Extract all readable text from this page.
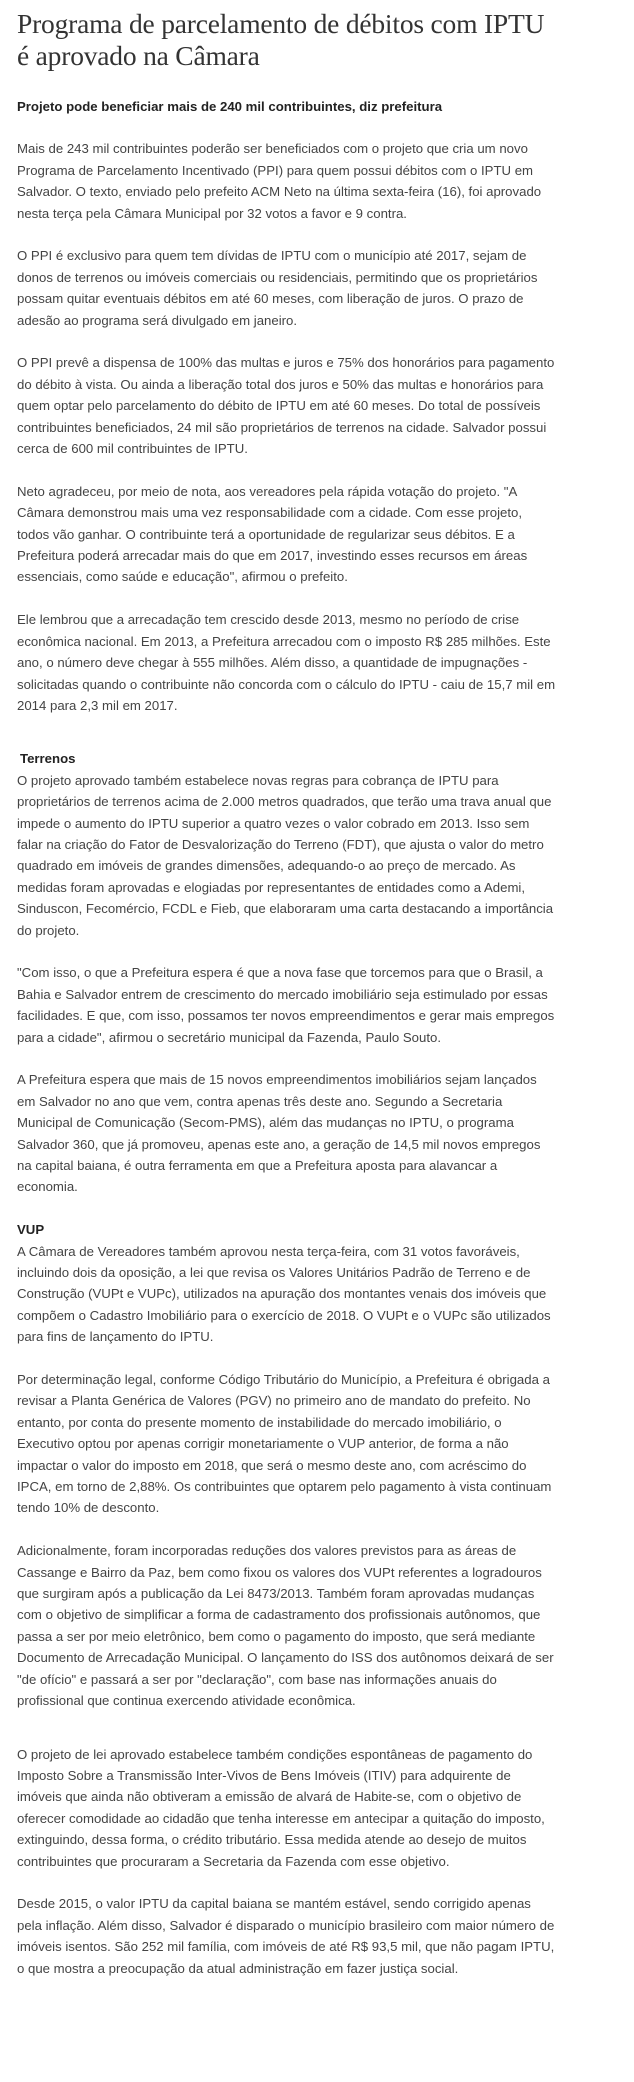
Programa de parcelamento de débitos com IPTU é aprovado na Câmara
Projeto pode beneficiar mais de 240 mil contribuintes, diz prefeitura

Mais de 243 mil contribuintes poderão ser beneficiados com o projeto que cria um novo Programa de Parcelamento Incentivado (PPI) para quem possui débitos com o IPTU em Salvador. O texto, enviado pelo prefeito ACM Neto na última sexta-feira (16), foi aprovado nesta terça pela Câmara Municipal por 32 votos a favor e 9 contra.

O PPI é exclusivo para quem tem dívidas de IPTU com o município até 2017, sejam de donos de terrenos ou imóveis comerciais ou residenciais, permitindo que os proprietários possam quitar eventuais débitos em até 60 meses, com liberação de juros. O prazo de adesão ao programa será divulgado em janeiro.

O PPI prevê a dispensa de 100% das multas e juros e 75% dos honorários para pagamento do débito à vista. Ou ainda a liberação total dos juros e 50% das multas e honorários para quem optar pelo parcelamento do débito de IPTU em até 60 meses. Do total de possíveis contribuintes beneficiados, 24 mil são proprietários de terrenos na cidade. Salvador possui cerca de 600 mil contribuintes de IPTU.

Neto agradeceu, por meio de nota, aos vereadores pela rápida votação do projeto. "A Câmara demonstrou mais uma vez responsabilidade com a cidade. Com esse projeto, todos vão ganhar. O contribuinte terá a oportunidade de regularizar seus débitos. E a Prefeitura poderá arrecadar mais do que em 2017, investindo esses recursos em áreas essenciais, como saúde e educação", afirmou o prefeito.

Ele lembrou que a arrecadação tem crescido desde 2013, mesmo no período de crise econômica nacional. Em 2013, a Prefeitura arrecadou com o imposto R$ 285 milhões. Este ano, o número deve chegar à 555 milhões. Além disso, a quantidade de impugnações - solicitadas quando o contribuinte não concorda com o cálculo do IPTU - caiu de 15,7 mil em 2014 para 2,3 mil em 2017.

Terrenos

O projeto aprovado também estabelece novas regras para cobrança de IPTU para proprietários de terrenos acima de 2.000 metros quadrados, que terão uma trava anual que impede o aumento do IPTU superior a quatro vezes o valor cobrado em 2013. Isso sem falar na criação do Fator de Desvalorização do Terreno (FDT), que ajusta o valor do metro quadrado em imóveis de grandes dimensões, adequando-o ao preço de mercado. As medidas foram aprovadas e elogiadas por representantes de entidades como a Ademi, Sinduscon, Fecomércio, FCDL e Fieb, que elaboraram uma carta destacando a importância do projeto.

"Com isso, o que a Prefeitura espera é que a nova fase que torcemos para que o Brasil, a Bahia e Salvador entrem de crescimento do mercado imobiliário seja estimulado por essas facilidades. E que, com isso, possamos ter novos empreendimentos e gerar mais empregos para a cidade", afirmou o secretário municipal da Fazenda, Paulo Souto.

A Prefeitura espera que mais de 15 novos empreendimentos imobiliários sejam lançados em Salvador no ano que vem, contra apenas três deste ano. Segundo a Secretaria Municipal de Comunicação (Secom-PMS), além das mudanças no IPTU, o programa Salvador 360, que já promoveu, apenas este ano, a geração de 14,5 mil novos empregos na capital baiana, é outra ferramenta em que a Prefeitura aposta para alavancar a economia.

VUP

A Câmara de Vereadores também aprovou nesta terça-feira, com 31 votos favoráveis, incluindo dois da oposição, a lei que revisa os Valores Unitários Padrão de Terreno e de Construção (VUPt e VUPc), utilizados na apuração dos montantes venais dos imóveis que compõem o Cadastro Imobiliário para o exercício de 2018. O VUPt e o VUPc são utilizados para fins de lançamento do IPTU.

Por determinação legal, conforme Código Tributário do Município, a Prefeitura é obrigada a revisar a Planta Genérica de Valores (PGV) no primeiro ano de mandato do prefeito. No entanto, por conta do presente momento de instabilidade do mercado imobiliário, o Executivo optou por apenas corrigir monetariamente o VUP anterior, de forma a não impactar o valor do imposto em 2018, que será o mesmo deste ano, com acréscimo do IPCA, em torno de 2,88%. Os contribuintes que optarem pelo pagamento à vista continuam tendo 10% de desconto.

Adicionalmente, foram incorporadas reduções dos valores previstos para as áreas de Cassange e Bairro da Paz, bem como fixou os valores dos VUPt referentes a logradouros que surgiram após a publicação da Lei 8473/2013. Também foram aprovadas mudanças com o objetivo de simplificar a forma de cadastramento dos profissionais autônomos, que passa a ser por meio eletrônico, bem como o pagamento do imposto, que será mediante Documento de Arrecadação Municipal. O lançamento do ISS dos autônomos deixará de ser "de ofício" e passará a ser por "declaração", com base nas informações anuais do profissional que continua exercendo atividade econômica.

O projeto de lei aprovado estabelece também condições espontâneas de pagamento do Imposto Sobre a Transmissão Inter-Vivos de Bens Imóveis (ITIV) para adquirente de imóveis que ainda não obtiveram a emissão de alvará de Habite-se, com o objetivo de oferecer comodidade ao cidadão que tenha interesse em antecipar a quitação do imposto, extinguindo, dessa forma, o crédito tributário. Essa medida atende ao desejo de muitos contribuintes que procuraram a Secretaria da Fazenda com esse objetivo.

Desde 2015, o valor IPTU da capital baiana se mantém estável, sendo corrigido apenas pela inflação. Além disso, Salvador é disparado o município brasileiro com maior número de imóveis isentos. São 252 mil família, com imóveis de até R$ 93,5 mil, que não pagam IPTU, o que mostra a preocupação da atual administração em fazer justiça social.
